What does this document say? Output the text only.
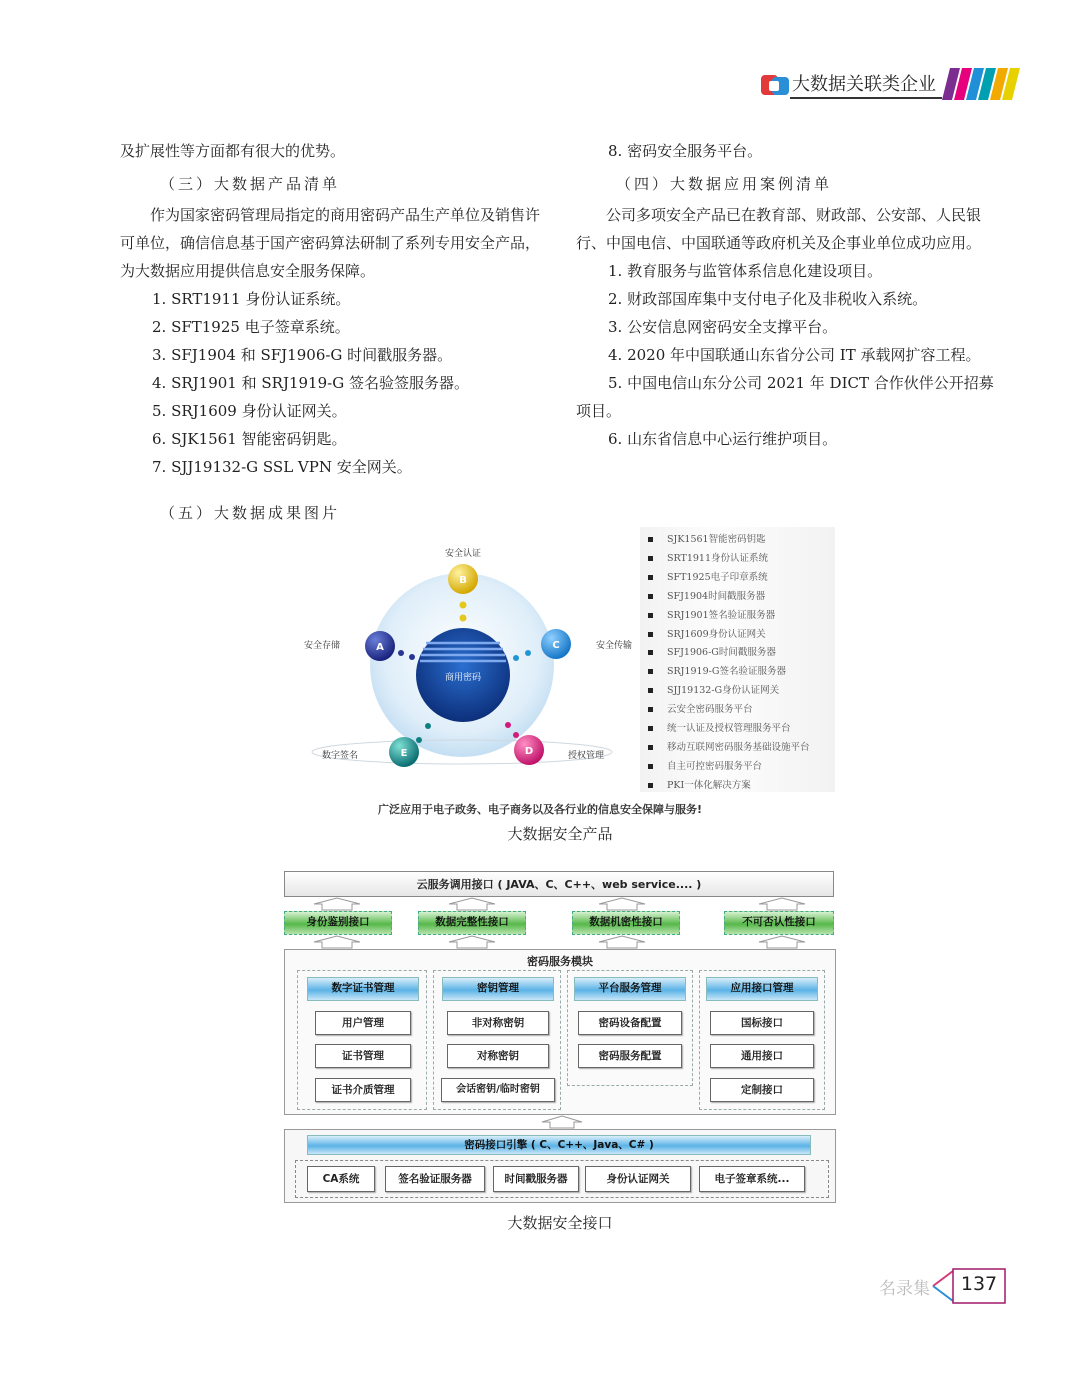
大数据关联类企业

及扩展性等方面都有很大的优势。

（三）大数据产品清单

作为国家密码管理局指定的商用密码产品生产单位及销售许可单位，确信信息基于国产密码算法研制了系列专用安全产品，为大数据应用提供信息安全服务保障。

1. SRT1911 身份认证系统。

2. SFT1925 电子签章系统。

3. SFJ1904 和 SFJ1906-G 时间戳服务器。

4. SRJ1901 和 SRJ1919-G 签名验签服务器。

5. SRJ1609 身份认证网关。

6. SJK1561 智能密码钥匙。

7. SJJ19132-G SSL VPN 安全网关。

（五）大数据成果图片

8. 密码安全服务平台。

（四）大数据应用案例清单

公司多项安全产品已在教育部、财政部、公安部、人民银行、中国电信、中国联通等政府机关及企事业单位成功应用。

1. 教育服务与监管体系信息化建设项目。

2. 财政部国库集中支付电子化及非税收入系统。

3. 公安信息网密码安全支撑平台。

4. 2020 年中国联通山东省分公司 IT 承载网扩容工程。

5. 中国电信山东分公司 2021 年 DICT 合作伙伴公开招募项目。

6. 山东省信息中心运行维护项目。

商用密码
B
安全认证
A
安全存储	C	安全传输
E
数字签名	D	授权管理
SJK1561智能密码钥匙
SRT1911身份认证系统
SFT1925电子印章系统
SFJ1904时间戳服务器
SRJ1901签名验证服务器
SRJ1609身份认证网关
SFJ1906-G时间戳服务器
SRJ1919-G签名验证服务器
SJJ19132-G身份认证网关
云安全密码服务平台
统一认证及授权管理服务平台
移动互联网密码服务基础设施平台
自主可控密码服务平台
PKI一体化解决方案
广泛应用于电子政务、电子商务以及各行业的信息安全保障与服务!
大数据安全产品
云服务调用接口 ( JAVA、C、C++、web service.... )
身份鉴别接口	数据完整性接口	数据机密性接口	不可否认性接口
密码服务模块
数字证书管理
用户管理
证书管理
证书介质管理
密钥管理
非对称密钥
对称密钥
会话密钥/临时密钥
平台服务管理
密码设备配置
密码服务配置
应用接口管理
国标接口
通用接口
定制接口
密码接口引擎 ( C、C++、Java、C# )
CA系统	签名验证服务器	时间戳服务器	身份认证网关	电子签章系统...
大数据安全接口
名录集	137
